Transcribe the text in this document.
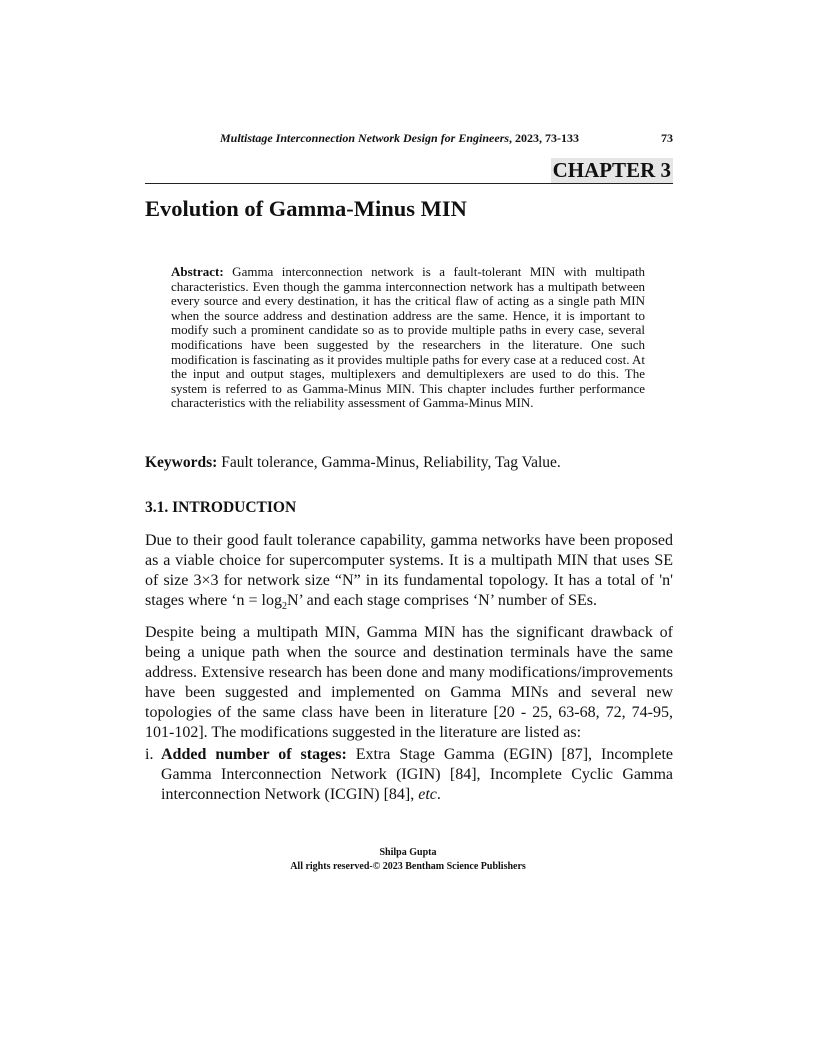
Multistage Interconnection Network Design for Engineers, 2023, 73-133	73
CHAPTER 3
Evolution of Gamma-Minus MIN

Abstract: Gamma interconnection network is a fault-tolerant MIN with multipath characteristics. Even though the gamma interconnection network has a multipath between every source and every destination, it has the critical flaw of acting as a single path MIN when the source address and destination address are the same. Hence, it is important to modify such a prominent candidate so as to provide multiple paths in every case, several modifications have been suggested by the researchers in the literature. One such modification is fascinating as it provides multiple paths for every case at a reduced cost. At the input and output stages, multiplexers and demultiplexers are used to do this. The system is referred to as Gamma-Minus MIN. This chapter includes further performance characteristics with the reliability assessment of Gamma-Minus MIN.

Keywords: Fault tolerance, Gamma-Minus, Reliability, Tag Value.

3.1. INTRODUCTION

Due to their good fault tolerance capability, gamma networks have been proposed as a viable choice for supercomputer systems. It is a multipath MIN that uses SE of size 3×3 for network size “N” in its fundamental topology. It has a total of 'n' stages where ‘$n = \log_2N$’ and each stage comprises ‘N’ number of SEs.

Despite being a multipath MIN, Gamma MIN has the significant drawback of being a unique path when the source and destination terminals have the same address. Extensive research has been done and many modifications/improvements have been suggested and implemented on Gamma MINs and several new topologies of the same class have been in literature [20 - 25, 63-68, 72, 74-95, 101-102]. The modifications suggested in the literature are listed as:

i. Added number of stages: Extra Stage Gamma (EGIN) [87], Incomplete Gamma Interconnection Network (IGIN) [84], Incomplete Cyclic Gamma interconnection Network (ICGIN) [84], etc.
Shilpa Gupta
All rights reserved-© 2023 Bentham Science Publishers
